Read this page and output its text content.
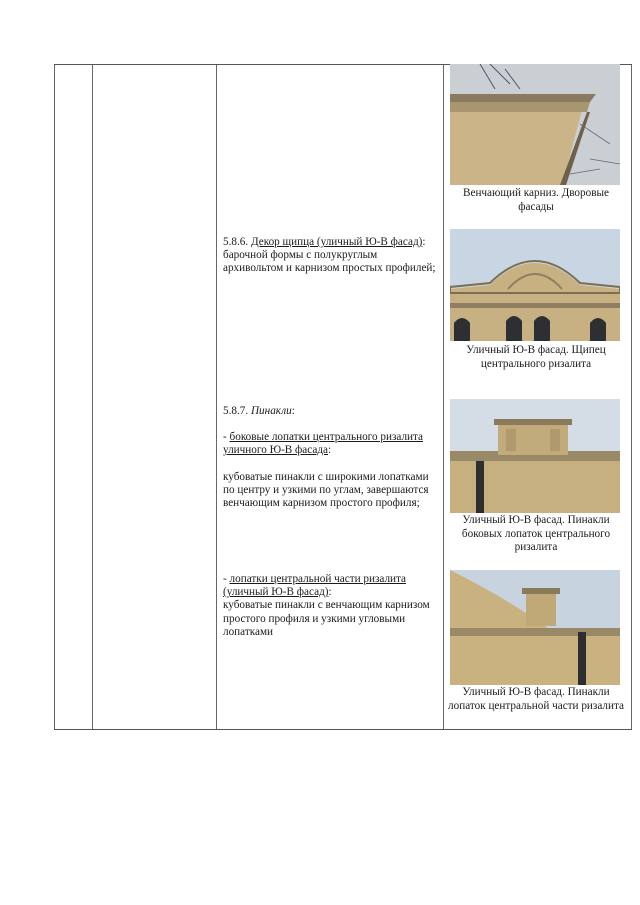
Венчающий карниз. Дворовые фасады
Уличный Ю-В фасад. Щипец центрального ризалита
Уличный Ю-В фасад. Пинакли боковых лопаток центрального ризалита
Уличный Ю-В фасад. Пинакли лопаток центральной части ризалита

5.8.6. Декор щипца (уличный Ю-В фасад):

барочной формы с полукруглым архивольтом и карнизом простых профилей;

5.8.7. Пинакли:

- боковые лопатки центрального ризалита уличного Ю-В фасада:

кубоватые пинакли с широкими лопатками по центру и узкими по углам, завершаются венчающим карнизом простого профиля;

- лопатки центральной части ризалита (уличный Ю-В фасад):

кубоватые пинакли с венчающим карнизом простого профиля и узкими угловыми лопатками
